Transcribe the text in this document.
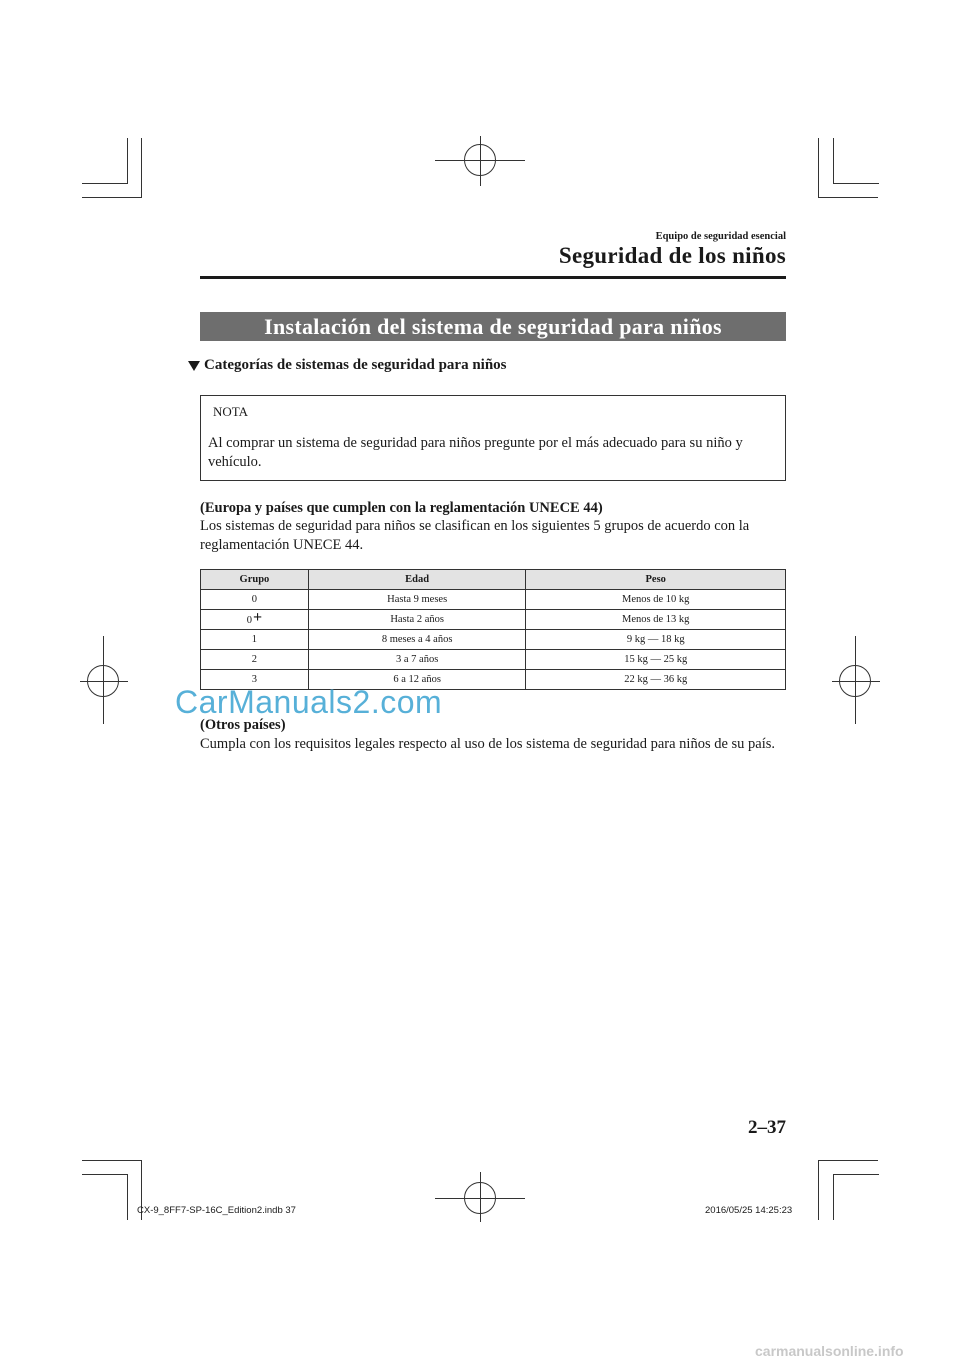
Equipo de seguridad esencial
Seguridad de los niños
Instalación del sistema de seguridad para niños
Categorías de sistemas de seguridad para niños
NOTA
Al comprar un sistema de seguridad para niños pregunte por el más adecuado para su niño y vehículo.
(Europa y países que cumplen con la reglamentación UNECE 44)
Los sistemas de seguridad para niños se clasifican en los siguientes 5 grupos de acuerdo con la reglamentación UNECE 44.
Grupo	Edad	Peso
0	Hasta 9 meses	Menos de 10 kg
0+	Hasta 2 años	Menos de 13 kg
1	8 meses a 4 años	9 kg — 18 kg
2	3 a 7 años	15 kg — 25 kg
3	6 a 12 años	22 kg — 36 kg
CarManuals2.com
(Otros países)
Cumpla con los requisitos legales respecto al uso de los sistema de seguridad para niños de su país.
2–37
CX-9_8FF7-SP-16C_Edition2.indb 37	2016/05/25 14:25:23
carmanualsonline.info
